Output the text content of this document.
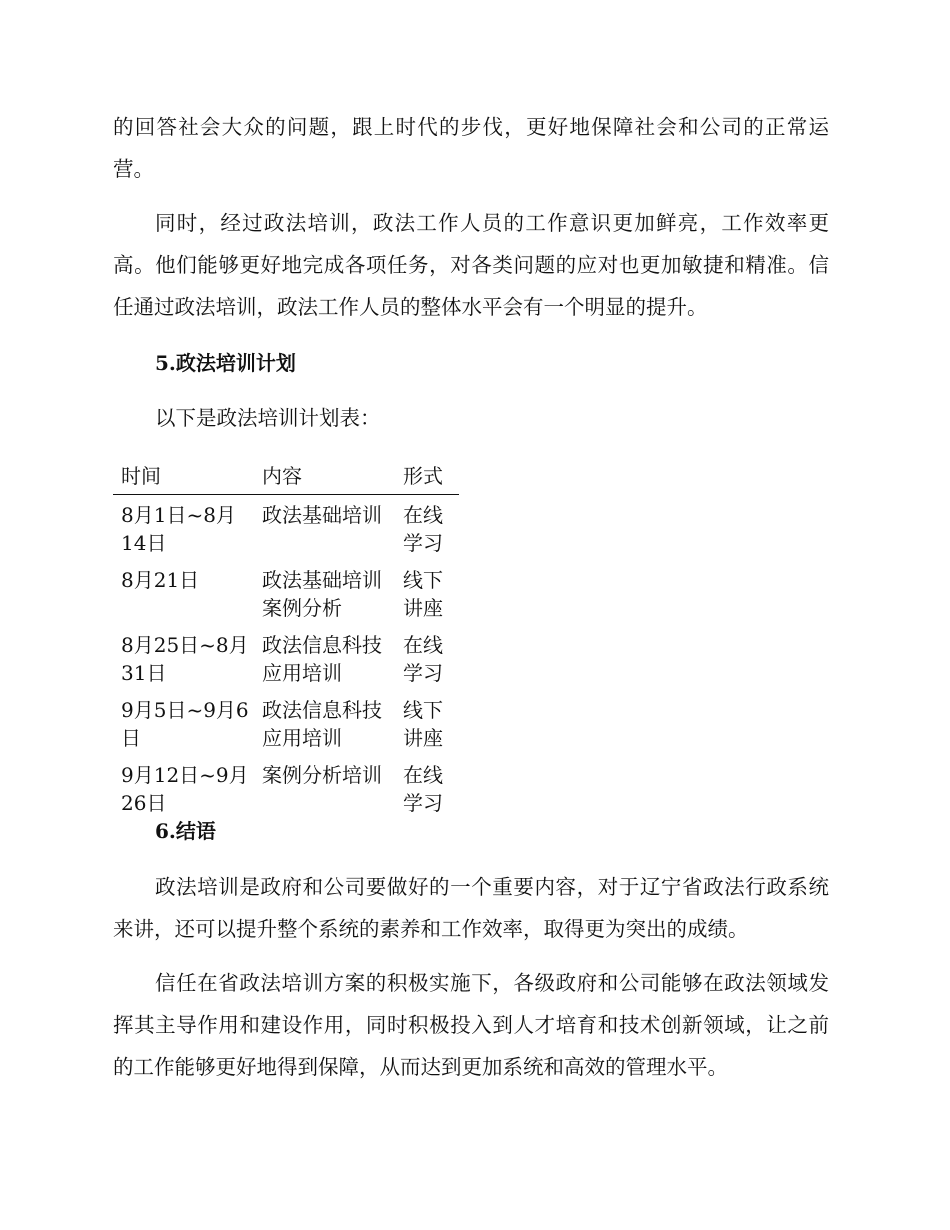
的回答社会大众的问题，跟上时代的步伐，更好地保障社会和公司的正常运营。

同时，经过政法培训，政法工作人员的工作意识更加鲜亮，工作效率更高。他们能够更好地完成各项任务，对各类问题的应对也更加敏捷和精准。信任通过政法培训，政法工作人员的整体水平会有一个明显的提升。

5.政法培训计划

以下是政法培训计划表：

时间	内容	形式
8月1日~8月14日	政法基础培训	在线学习
8月21日	政法基础培训案例分析	线下讲座
8月25日~8月31日	政法信息科技应用培训	在线学习
9月5日~9月6日	政法信息科技应用培训	线下讲座
9月12日~9月26日	案例分析培训	在线学习

6.结语

政法培训是政府和公司要做好的一个重要内容，对于辽宁省政法行政系统来讲，还可以提升整个系统的素养和工作效率，取得更为突出的成绩。

信任在省政法培训方案的积极实施下，各级政府和公司能够在政法领域发挥其主导作用和建设作用，同时积极投入到人才培育和技术创新领域，让之前的工作能够更好地得到保障，从而达到更加系统和高效的管理水平。
